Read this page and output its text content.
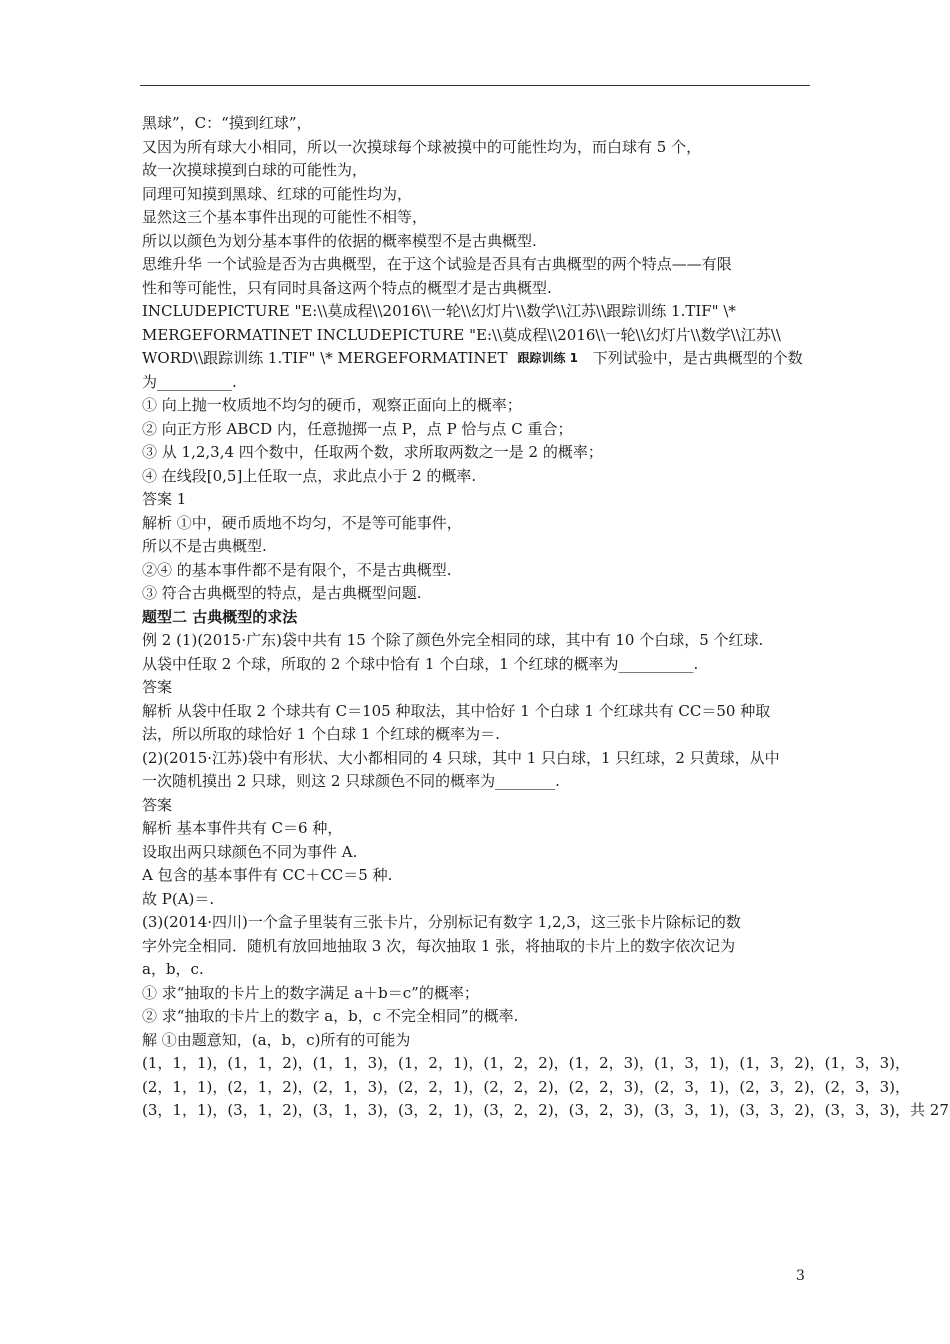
黑球”，C：“摸到红球”，
又因为所有球大小相同，所以一次摸球每个球被摸中的可能性均为，而白球有 5 个，
故一次摸球摸到白球的可能性为，
同理可知摸到黑球、红球的可能性均为，
显然这三个基本事件出现的可能性不相等，
所以以颜色为划分基本事件的依据的概率模型不是古典概型.
思维升华 一个试验是否为古典概型，在于这个试验是否具有古典概型的两个特点——有限
性和等可能性，只有同时具备这两个特点的概型才是古典概型.
INCLUDEPICTURE "E:\\莫成程\\2016\\一轮\\幻灯片\\数学\\江苏\\跟踪训练 1.TIF" \*
MERGEFORMATINET INCLUDEPICTURE "E:\\莫成程\\2016\\一轮\\幻灯片\\数学\\江苏\\
WORD\\跟踪训练 1.TIF" \* MERGEFORMATINET 跟踪训练 1 下列试验中，是古典概型的个数
为__________.
① 向上抛一枚质地不均匀的硬币，观察正面向上的概率；
② 向正方形 ABCD 内，任意抛掷一点 P，点 P 恰与点 C 重合；
③ 从 1,2,3,4 四个数中，任取两个数，求所取两数之一是 2 的概率；
④ 在线段[0,5]上任取一点，求此点小于 2 的概率.
答案 1
解析 ①中，硬币质地不均匀，不是等可能事件，
所以不是古典概型.
②④ 的基本事件都不是有限个，不是古典概型.
③ 符合古典概型的特点，是古典概型问题.
题型二 古典概型的求法
例 2 (1)(2015·广东)袋中共有 15 个除了颜色外完全相同的球，其中有 10 个白球，5 个红球.
从袋中任取 2 个球，所取的 2 个球中恰有 1 个白球，1 个红球的概率为__________.
答案
解析 从袋中任取 2 个球共有 C＝105 种取法，其中恰好 1 个白球 1 个红球共有 CC＝50 种取
法，所以所取的球恰好 1 个白球 1 个红球的概率为＝.
(2)(2015·江苏)袋中有形状、大小都相同的 4 只球，其中 1 只白球，1 只红球，2 只黄球，从中
一次随机摸出 2 只球，则这 2 只球颜色不同的概率为________.
答案
解析 基本事件共有 C＝6 种，
设取出两只球颜色不同为事件 A.
A 包含的基本事件有 CC＋CC＝5 种.
故 P(A)＝.
(3)(2014·四川)一个盒子里装有三张卡片，分别标记有数字 1,2,3，这三张卡片除标记的数
字外完全相同．随机有放回地抽取 3 次，每次抽取 1 张，将抽取的卡片上的数字依次记为
a，b，c.
① 求“抽取的卡片上的数字满足 a＋b＝c”的概率；
② 求“抽取的卡片上的数字 a，b，c 不完全相同”的概率.
解 ①由题意知，(a，b，c)所有的可能为
(1，1，1)，(1，1，2)，(1，1，3)，(1，2，1)，(1，2，2)，(1，2，3)，(1，3，1)，(1，3，2)，(1，3，3)，
(2，1，1)，(2，1，2)，(2，1，3)，(2，2，1)，(2，2，2)，(2，2，3)，(2，3，1)，(2，3，2)，(2，3，3)，
(3，1，1)，(3，1，2)，(3，1，3)，(3，2，1)，(3，2，2)，(3，2，3)，(3，3，1)，(3，3，2)，(3，3，3)，共 27
3
